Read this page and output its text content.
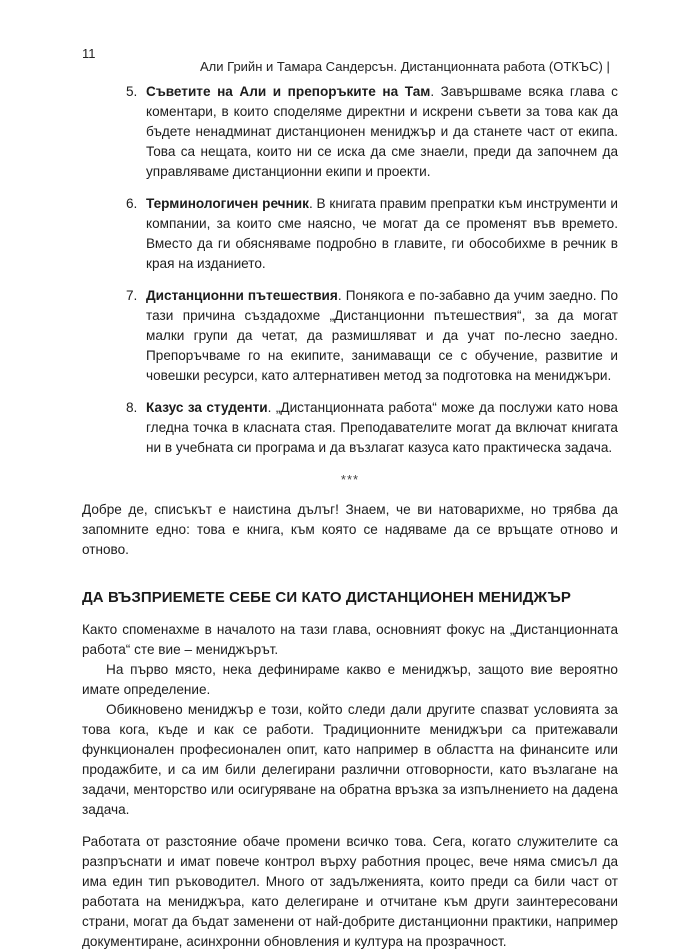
11
Али Грийн и Тамара Сандерсън. Дистанционната работа (ОТКЪС) |
5. Съветите на Али и препоръките на Там. Завършваме всяка глава с коментари, в които споделяме директни и искрени съвети за това как да бъдете ненадминат дистанционен мениджър и да станете част от екипа. Това са нещата, които ни се иска да сме знаели, преди да започнем да управляваме дистанционни екипи и проекти.
6. Терминологичен речник. В книгата правим препратки към инструменти и компании, за които сме наясно, че могат да се променят във времето. Вместо да ги обясняваме подробно в главите, ги обособихме в речник в края на изданието.
7. Дистанционни пътешествия. Понякога е по-забавно да учим заедно. По тази причина създадохме „Дистанционни пътешествия“, за да могат малки групи да четат, да размишляват и да учат по-лесно заедно. Препоръчваме го на екипите, занимаващи се с обучение, развитие и човешки ресурси, като алтернативен метод за подготовка на мениджъри.
8. Казус за студенти. „Дистанционната работа“ може да послужи като нова гледна точка в класната стая. Преподавателите могат да включат книгата ни в учебната си програма и да възлагат казуса като практическа задача.
***

Добре де, списъкът е наистина дълъг! Знаем, че ви натоварихме, но трябва да запомните едно: това е книга, към която се надяваме да се връщате отново и отново.

ДА ВЪЗПРИЕМЕТЕ СЕБЕ СИ КАТО ДИСТАНЦИОНЕН МЕНИДЖЪР

Както споменахме в началото на тази глава, основният фокус на „Дистанционната работа“ сте вие – мениджърът.

На първо място, нека дефинираме какво е мениджър, защото вие вероятно имате определение.

Обикновено мениджър е този, който следи дали другите спазват условията за това кога, къде и как се работи. Традиционните мениджъри са притежавали функционален професионален опит, като например в областта на финансите или продажбите, и са им били делегирани различни отговорности, като възлагане на задачи, менторство или осигуряване на обратна връзка за изпълнението на дадена задача.

Работата от разстояние обаче промени всичко това. Сега, когато служителите са разпръснати и имат повече контрол върху работния процес, вече няма смисъл да има един тип ръководител. Много от задълженията, които преди са били част от работата на мениджъра, като делегиране и отчитане към други заинтересовани страни, могат да бъдат заменени от най-добрите дистанционни практики, например документиране, асинхронни обновления и култура на прозрачност.
